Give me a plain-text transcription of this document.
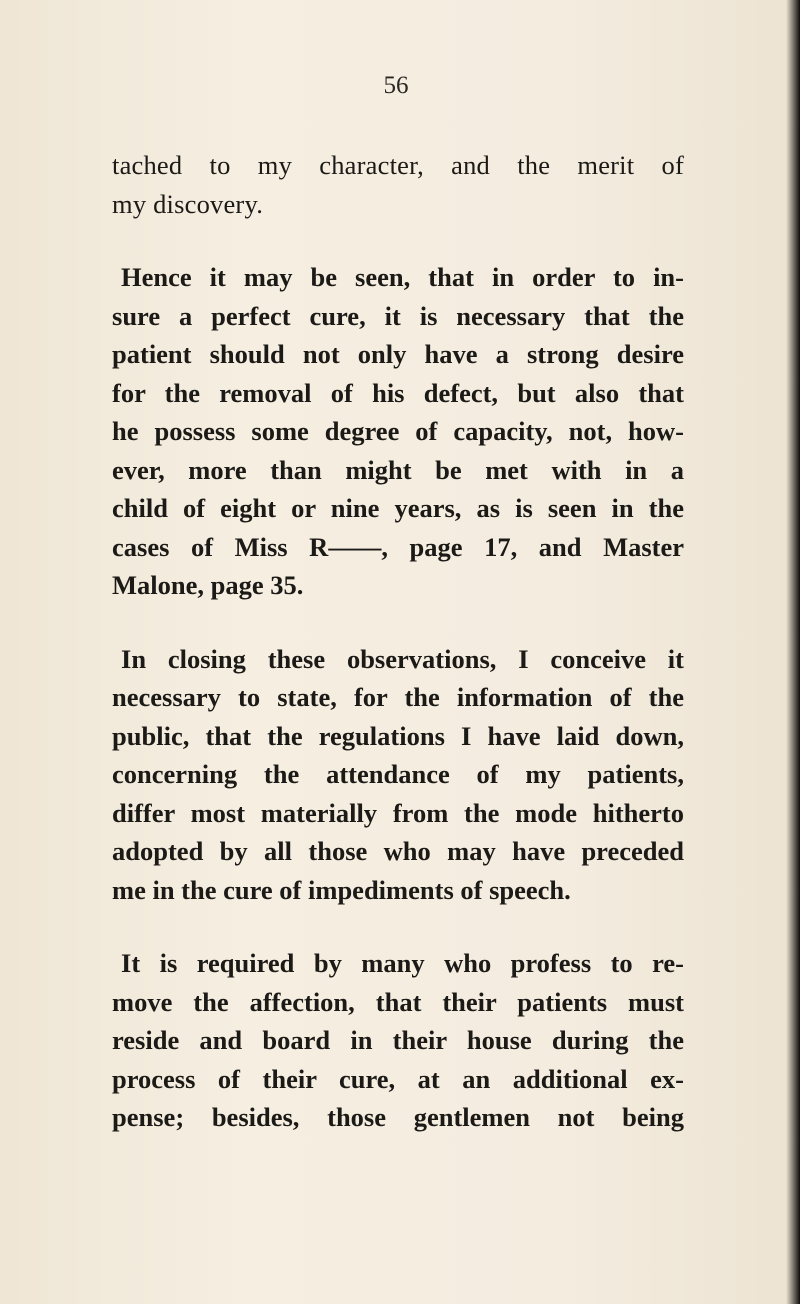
56
tached to my character, and the merit of
my discovery.
Hence it may be seen, that in order to in-
sure a perfect cure, it is necessary that the
patient should not only have a strong desire
for the removal of his defect, but also that
he possess some degree of capacity, not, how-
ever, more than might be met with in a
child of eight or nine years, as is seen in the
cases of Miss R——, page 17, and Master
Malone, page 35.
In closing these observations, I conceive it
necessary to state, for the information of the
public, that the regulations I have laid down,
concerning the attendance of my patients,
differ most materially from the mode hitherto
adopted by all those who may have preceded
me in the cure of impediments of speech.
It is required by many who profess to re-
move the affection, that their patients must
reside and board in their house during the
process of their cure, at an additional ex-
pense; besides, those gentlemen not being
